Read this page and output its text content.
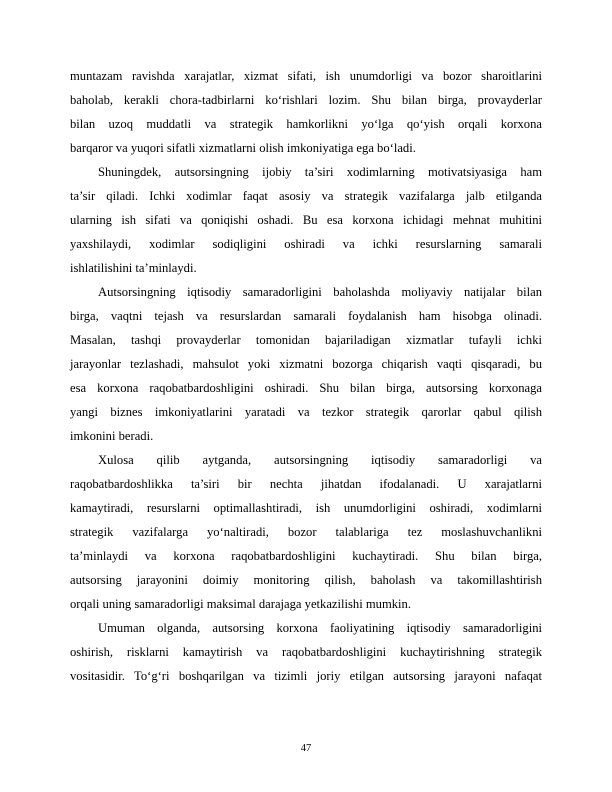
muntazam ravishda xarajatlar, xizmat sifati, ish unumdorligi va bozor sharoitlarini
baholab, kerakli chora-tadbirlarni ko‘rishlari lozim. Shu bilan birga, provayderlar
bilan uzoq muddatli va strategik hamkorlikni yo‘lga qo‘yish orqali korxona
barqaror va yuqori sifatli xizmatlarni olish imkoniyatiga ega bo‘ladi.
Shuningdek, autsorsingning ijobiy ta’siri xodimlarning motivatsiyasiga ham
ta’sir qiladi. Ichki xodimlar faqat asosiy va strategik vazifalarga jalb etilganda
ularning ish sifati va qoniqishi oshadi. Bu esa korxona ichidagi mehnat muhitini
yaxshilaydi, xodimlar sodiqligini oshiradi va ichki resurslarning samarali
ishlatilishini ta’minlaydi.
Autsorsingning iqtisodiy samaradorligini baholashda moliyaviy natijalar bilan
birga, vaqtni tejash va resurslardan samarali foydalanish ham hisobga olinadi.
Masalan, tashqi provayderlar tomonidan bajariladigan xizmatlar tufayli ichki
jarayonlar tezlashadi, mahsulot yoki xizmatni bozorga chiqarish vaqti qisqaradi, bu
esa korxona raqobatbardoshligini oshiradi. Shu bilan birga, autsorsing korxonaga
yangi biznes imkoniyatlarini yaratadi va tezkor strategik qarorlar qabul qilish
imkonini beradi.
Xulosa qilib aytganda, autsorsingning iqtisodiy samaradorligi va
raqobatbardoshlikka ta’siri bir nechta jihatdan ifodalanadi. U xarajatlarni
kamaytiradi, resurslarni optimallashtiradi, ish unumdorligini oshiradi, xodimlarni
strategik vazifalarga yo‘naltiradi, bozor talablariga tez moslashuvchanlikni
ta’minlaydi va korxona raqobatbardoshligini kuchaytiradi. Shu bilan birga,
autsorsing jarayonini doimiy monitoring qilish, baholash va takomillashtirish
orqali uning samaradorligi maksimal darajaga yetkazilishi mumkin.
Umuman olganda, autsorsing korxona faoliyatining iqtisodiy samaradorligini
oshirish, risklarni kamaytirish va raqobatbardoshligini kuchaytirishning strategik
vositasidir. To‘g‘ri boshqarilgan va tizimli joriy etilgan autsorsing jarayoni nafaqat
47
